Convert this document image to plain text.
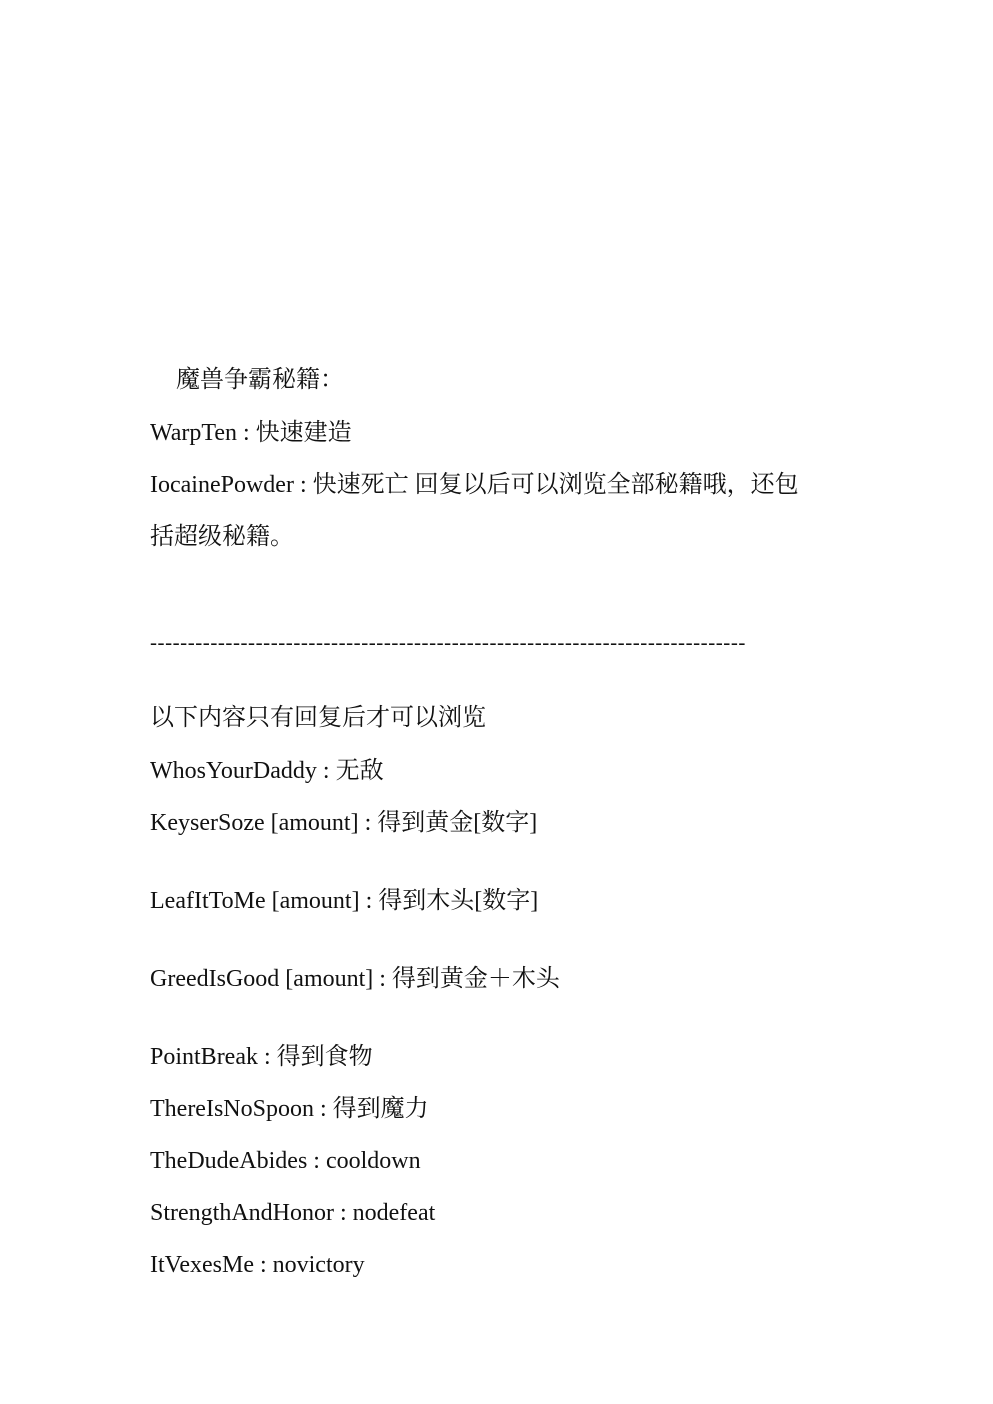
魔兽争霸秘籍：
WarpTen : 快速建造
IocainePowder : 快速死亡 回复以后可以浏览全部秘籍哦，还包
括超级秘籍。
-------------------------------------------------------------------------------
以下内容只有回复后才可以浏览
WhosYourDaddy : 无敌
KeyserSoze [amount] : 得到黄金[数字]
LeafItToMe [amount] : 得到木头[数字]
GreedIsGood [amount] : 得到黄金＋木头
PointBreak : 得到食物
ThereIsNoSpoon : 得到魔力
TheDudeAbides : cooldown
StrengthAndHonor : nodefeat
ItVexesMe : novictory
